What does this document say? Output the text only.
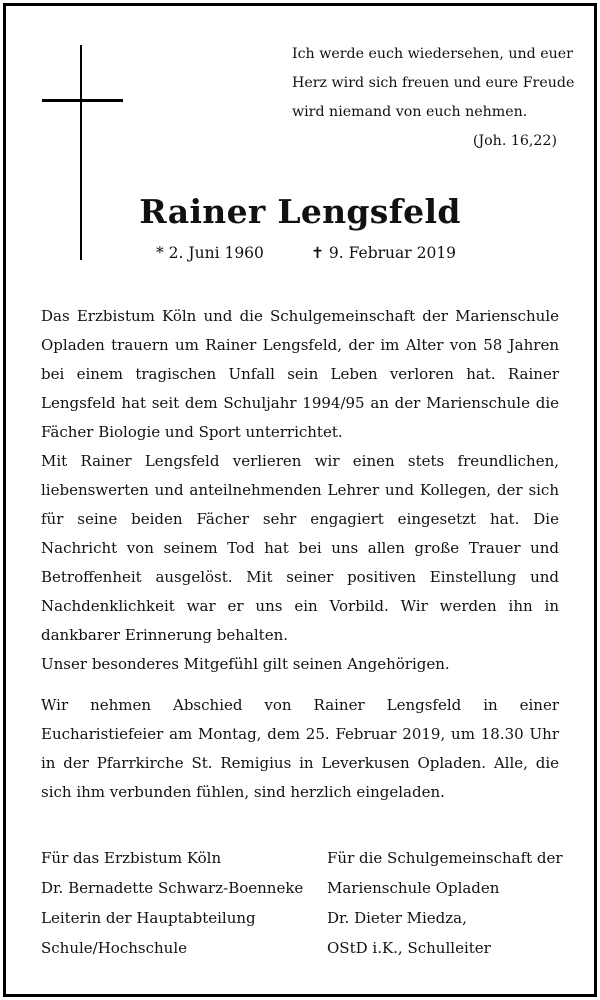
Ich werde euch wiedersehen, und euer
Herz wird sich freuen und eure Freude
wird niemand von euch nehmen.
(Joh. 16,22)
Rainer Lengsfeld
* 2. Juni 1960	✝ 9. Februar 2019

Das Erzbistum Köln und die Schulgemeinschaft der Marienschule Opladen trauern um Rainer Lengsfeld, der im Alter von 58 Jahren bei einem tragischen Unfall sein Leben verloren hat. Rainer Lengsfeld hat seit dem Schuljahr 1994/95 an der Marienschule die Fächer Biologie und Sport unterrichtet.

Mit Rainer Lengsfeld verlieren wir einen stets freundlichen, liebenswerten und anteilnehmenden Lehrer und Kollegen, der sich für seine beiden Fächer sehr engagiert eingesetzt hat. Die Nachricht von seinem Tod hat bei uns allen große Trauer und Betroffenheit ausgelöst. Mit seiner positiven Einstellung und Nachdenklichkeit war er uns ein Vorbild. Wir werden ihn in dankbarer Erinnerung behalten.

Unser besonderes Mitgefühl gilt seinen Angehörigen.

Wir nehmen Abschied von Rainer Lengsfeld in einer Eucharistiefeier am Montag, dem 25. Februar 2019, um 18.30 Uhr in der Pfarrkirche St. Remigius in Leverkusen Opladen. Alle, die sich ihm verbunden fühlen, sind herzlich eingeladen.

Für das Erzbistum Köln
Dr. Bernadette Schwarz-Boenneke
Leiterin der Hauptabteilung
Schule/Hochschule
Für die Schulgemeinschaft der
Marienschule Opladen
Dr. Dieter Miedza,
OStD i.K., Schulleiter
